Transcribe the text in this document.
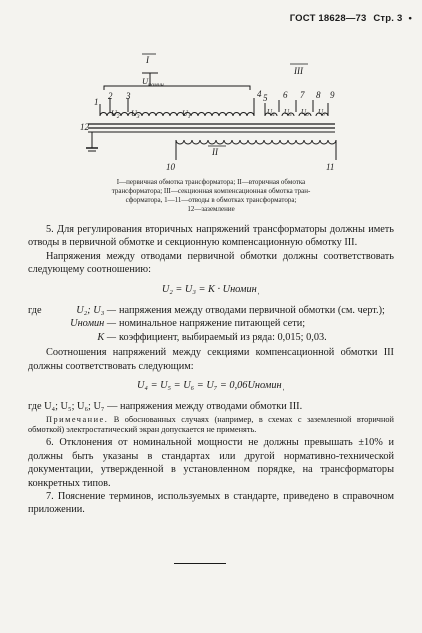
ГОСТ 18628—73 Стр. 3 •
I
$U_{номин}$
III
II
1
2 3	4 5 6 7 8 9
10	11
12
$U_2$ $U_3$	$U_1$
$U_4$ $U_5$ $U_6$ $U_7$
I—первичная обмотка трансформатора; II—вторичная обмотка
трансформатора; III—секционная компенсационная обмотка тран-
сформатора, 1—11—отводы в обмотках трансформатора;
12—заземление

5. Для регулирования вторичных напряжений трансформаторы должны иметь отводы в первичной обмотке и секционную компенсационную обмотку III.

Напряжения между отводами первичной обмотки должны соответствовать следующему соотношению:

U₂ = U₃ = K · Uноминˌ

где	U₂; U₃ —	напряжения между отводами первичной обмотки (см. черт.);
	Uномин —	номинальное напряжение питающей сети;
	K —	коэффициент, выбираемый из ряда: 0,015; 0,03.

Соотношения напряжений между секциями компенсационной обмотки III должны соответствовать следующим:

U₄ = U₅ = U₆ = U₇ = 0,06Uноминˌ

где U₄; U₅; U₆; U₇ — напряжения между отводами обмотки III.

Примечание. В обоснованных случаях (например, в схемах с заземленной вторичной обмоткой) электростатический экран допускается не применять.

6. Отклонения от номинальной мощности не должны превышать ±10% и должны быть указаны в стандартах или другой нормативно-технической документации, утвержденной в установленном порядке, на трансформаторы конкретных типов.

7. Пояснение терминов, используемых в стандарте, приведено в справочном приложении.
